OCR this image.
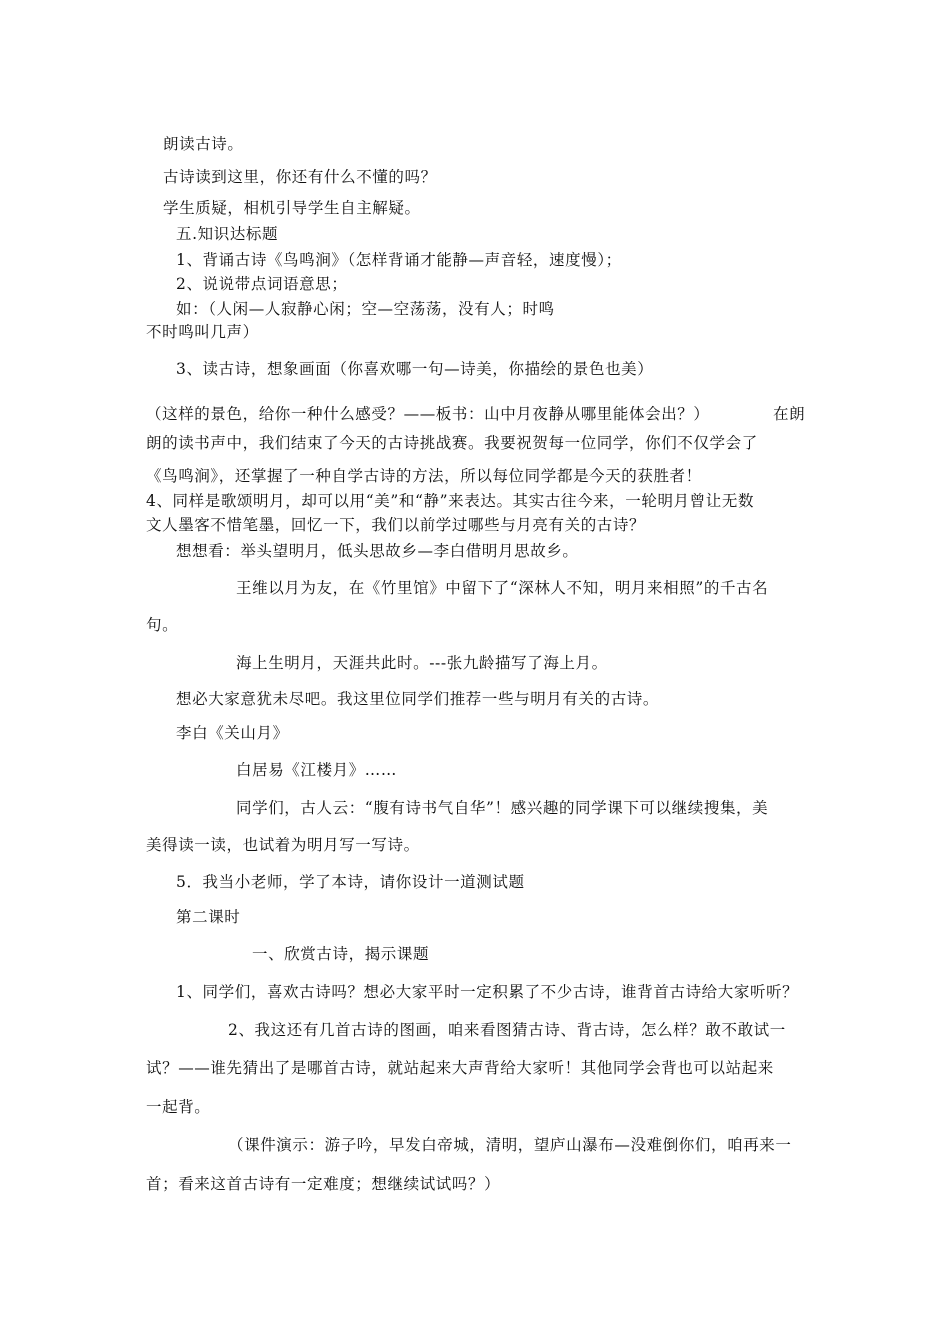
朗读古诗。
古诗读到这里，你还有什么不懂的吗？
学生质疑，相机引导学生自主解疑。
五.知识达标题
1、背诵古诗《鸟鸣涧》（怎样背诵才能静—声音轻，速度慢）；
2、说说带点词语意思；
如：（人闲—人寂静心闲；空—空荡荡，没有人；时鸣
不时鸣叫几声）
3、读古诗，想象画面（你喜欢哪一句—诗美，你描绘的景色也美）
（这样的景色，给你一种什么感受？——板书：山中月夜静从哪里能体会出？）	在朗
朗的读书声中，我们结束了今天的古诗挑战赛。我要祝贺每一位同学，你们不仅学会了
《鸟鸣涧》，还掌握了一种自学古诗的方法，所以每位同学都是今天的获胜者！
4、同样是歌颂明月，却可以用“美”和“静”来表达。其实古往今来，一轮明月曾让无数
文人墨客不惜笔墨，回忆一下，我们以前学过哪些与月亮有关的古诗？
想想看：举头望明月，低头思故乡—李白借明月思故乡。
王维以月为友，在《竹里馆》中留下了“深林人不知，明月来相照”的千古名
句。
海上生明月，天涯共此时。---张九龄描写了海上月。
想必大家意犹未尽吧。我这里位同学们推荐一些与明月有关的古诗。
李白《关山月》
白居易《江楼月》……
同学们，古人云：“腹有诗书气自华”！感兴趣的同学课下可以继续搜集，美
美得读一读，也试着为明月写一写诗。
5．我当小老师，学了本诗，请你设计一道测试题
第二课时
一、欣赏古诗，揭示课题
1、同学们，喜欢古诗吗？想必大家平时一定积累了不少古诗，谁背首古诗给大家听听？
2、我这还有几首古诗的图画，咱来看图猜古诗、背古诗，怎么样？敢不敢试一
试？——谁先猜出了是哪首古诗，就站起来大声背给大家听！其他同学会背也可以站起来
一起背。
（课件演示：游子吟，早发白帝城，清明，望庐山瀑布—没难倒你们，咱再来一
首；看来这首古诗有一定难度；想继续试试吗？）
